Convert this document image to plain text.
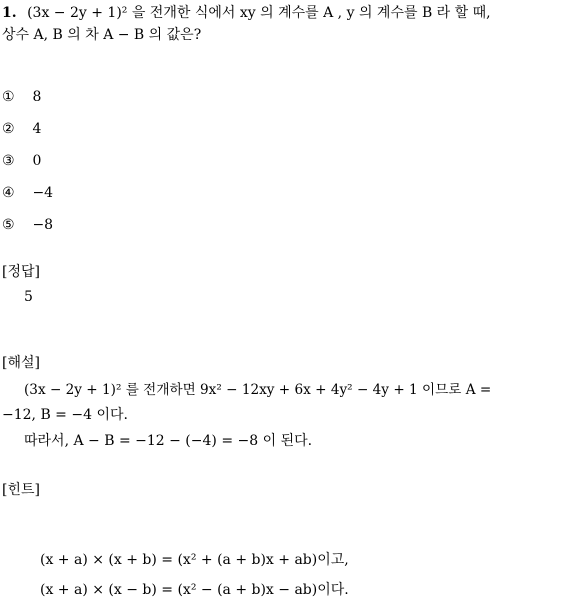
1. (3x − 2y + 1)² 을 전개한 식에서 xy 의 계수를 A , y 의 계수를 B 라 할 때,
상수 A, B 의 차 A − B 의 값은?
① 8
② 4
③ 0
④ −4
⑤ −8
[정답]
5
[해설]
(3x − 2y + 1)² 를 전개하면 9x² − 12xy + 6x + 4y² − 4y + 1 이므로 A =
−12, B = −4 이다.
따라서, A − B = −12 − (−4) = −8 이 된다.
[힌트]
(x + a) × (x + b) = (x² + (a + b)x + ab)이고,
(x + a) × (x − b) = (x² − (a + b)x − ab)이다.
